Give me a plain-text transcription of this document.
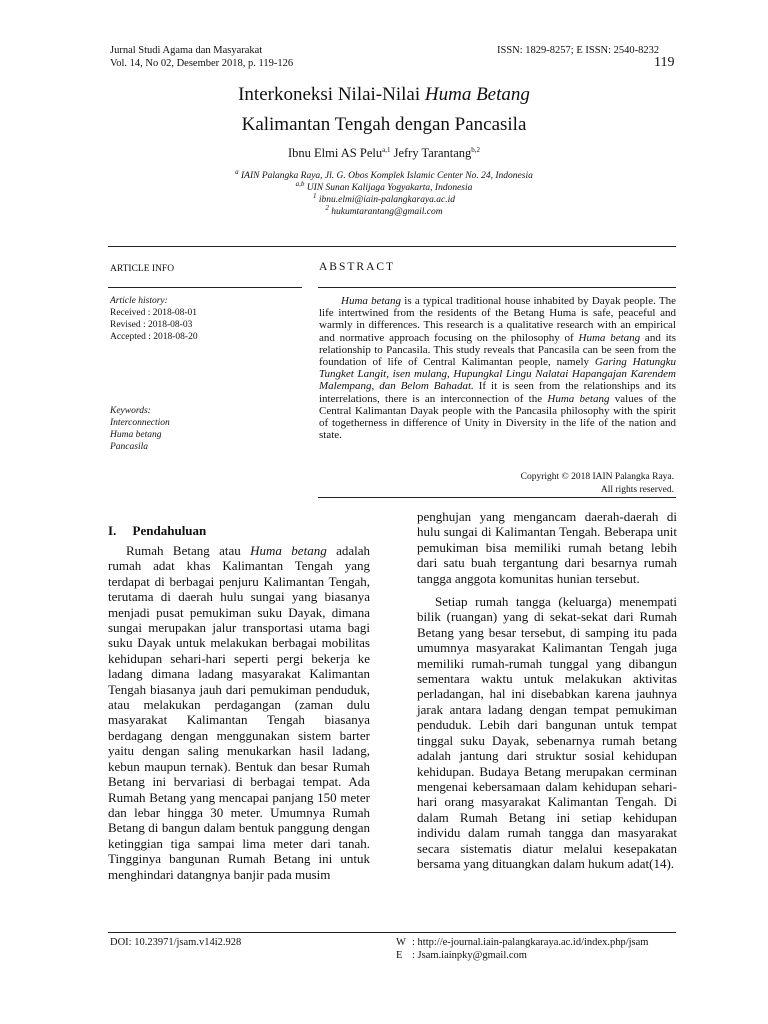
Jurnal Studi Agama dan Masyarakat
Vol. 14, No 02, Desember 2018, p. 119-126
ISSN: 1829-8257; E ISSN: 2540-8232
119
Interkoneksi Nilai-Nilai Huma Betang
Kalimantan Tengah dengan Pancasila
Ibnu Elmi AS Pelu$^{a,1}$ Jefry Tarantang$^{b,2}$
$^a$ IAIN Palangka Raya, Jl. G. Obos Komplek Islamic Center No. 24, Indonesia
$^{a,b}$ UIN Sunan Kalijaga Yogyakarta, Indonesia
$^1$ ibnu.elmi@iain-palangkaraya.ac.id
$^2$ hukumtarantang@gmail.com
ARTICLE INFO
Article history:
Received : 2018-08-01
Revised : 2018-08-03
Accepted : 2018-08-20
Keywords:
Interconnection
Huma betang
Pancasila
ABSTRACT
Huma betang is a typical traditional house inhabited by Dayak people. The life intertwined from the residents of the Betang Huma is safe, peaceful and warmly in differences. This research is a qualitative research with an empirical and normative approach focusing on the philosophy of Huma betang and its relationship to Pancasila. This study reveals that Pancasila can be seen from the foundation of life of Central Kalimantan people, namely Garing Hatungku Tungket Langit, isen mulang, Hupungkal Lingu Nalatai Hapangajan Karendem Malempang, dan Belom Bahadat. If it is seen from the relationships and its interrelations, there is an interconnection of the Huma betang values of the Central Kalimantan Dayak people with the Pancasila philosophy with the spirit of togetherness in difference of Unity in Diversity in the life of the nation and state.
Copyright © 2018 IAIN Palangka Raya.
All rights reserved.
I.     Pendahuluan

Rumah Betang atau Huma betang adalah rumah adat khas Kalimantan Tengah yang terdapat di berbagai penjuru Kalimantan Tengah, terutama di daerah hulu sungai yang biasanya menjadi pusat pemukiman suku Dayak, dimana sungai merupakan jalur transportasi utama bagi suku Dayak untuk melakukan berbagai mobilitas kehidupan sehari-hari seperti pergi bekerja ke ladang dimana ladang masyarakat Kalimantan Tengah biasanya jauh dari pemukiman penduduk, atau melakukan perdagangan (zaman dulu masyarakat Kalimantan Tengah biasanya berdagang dengan menggunakan sistem barter yaitu dengan saling menukarkan hasil ladang, kebun maupun ternak). Bentuk dan besar Rumah Betang ini bervariasi di berbagai tempat. Ada Rumah Betang yang mencapai panjang 150 meter dan lebar hingga 30 meter. Umumnya Rumah Betang di bangun dalam bentuk panggung dengan ketinggian tiga sampai lima meter dari tanah. Tingginya bangunan Rumah Betang ini untuk menghindari datangnya banjir pada musim

penghujan yang mengancam daerah-daerah di hulu sungai di Kalimantan Tengah. Beberapa unit pemukiman bisa memiliki rumah betang lebih dari satu buah tergantung dari besarnya rumah tangga anggota komunitas hunian tersebut.

Setiap rumah tangga (keluarga) menempati bilik (ruangan) yang di sekat-sekat dari Rumah Betang yang besar tersebut, di samping itu pada umumnya masyarakat Kalimantan Tengah juga memiliki rumah-rumah tunggal yang dibangun sementara waktu untuk melakukan aktivitas perladangan, hal ini disebabkan karena jauhnya jarak antara ladang dengan tempat pemukiman penduduk. Lebih dari bangunan untuk tempat tinggal suku Dayak, sebenarnya rumah betang adalah jantung dari struktur sosial kehidupan kehidupan. Budaya Betang merupakan cerminan mengenai kebersamaan dalam kehidupan sehari-hari orang masyarakat Kalimantan Tengah. Di dalam Rumah Betang ini setiap kehidupan individu dalam rumah tangga dan masyarakat secara sistematis diatur melalui kesepakatan bersama yang dituangkan dalam hukum adat(14).

DOI: 10.23971/jsam.v14i2.928	W : http://e-journal.iain-palangkaraya.ac.id/index.php/jsam
E : Jsam.iainpky@gmail.com
